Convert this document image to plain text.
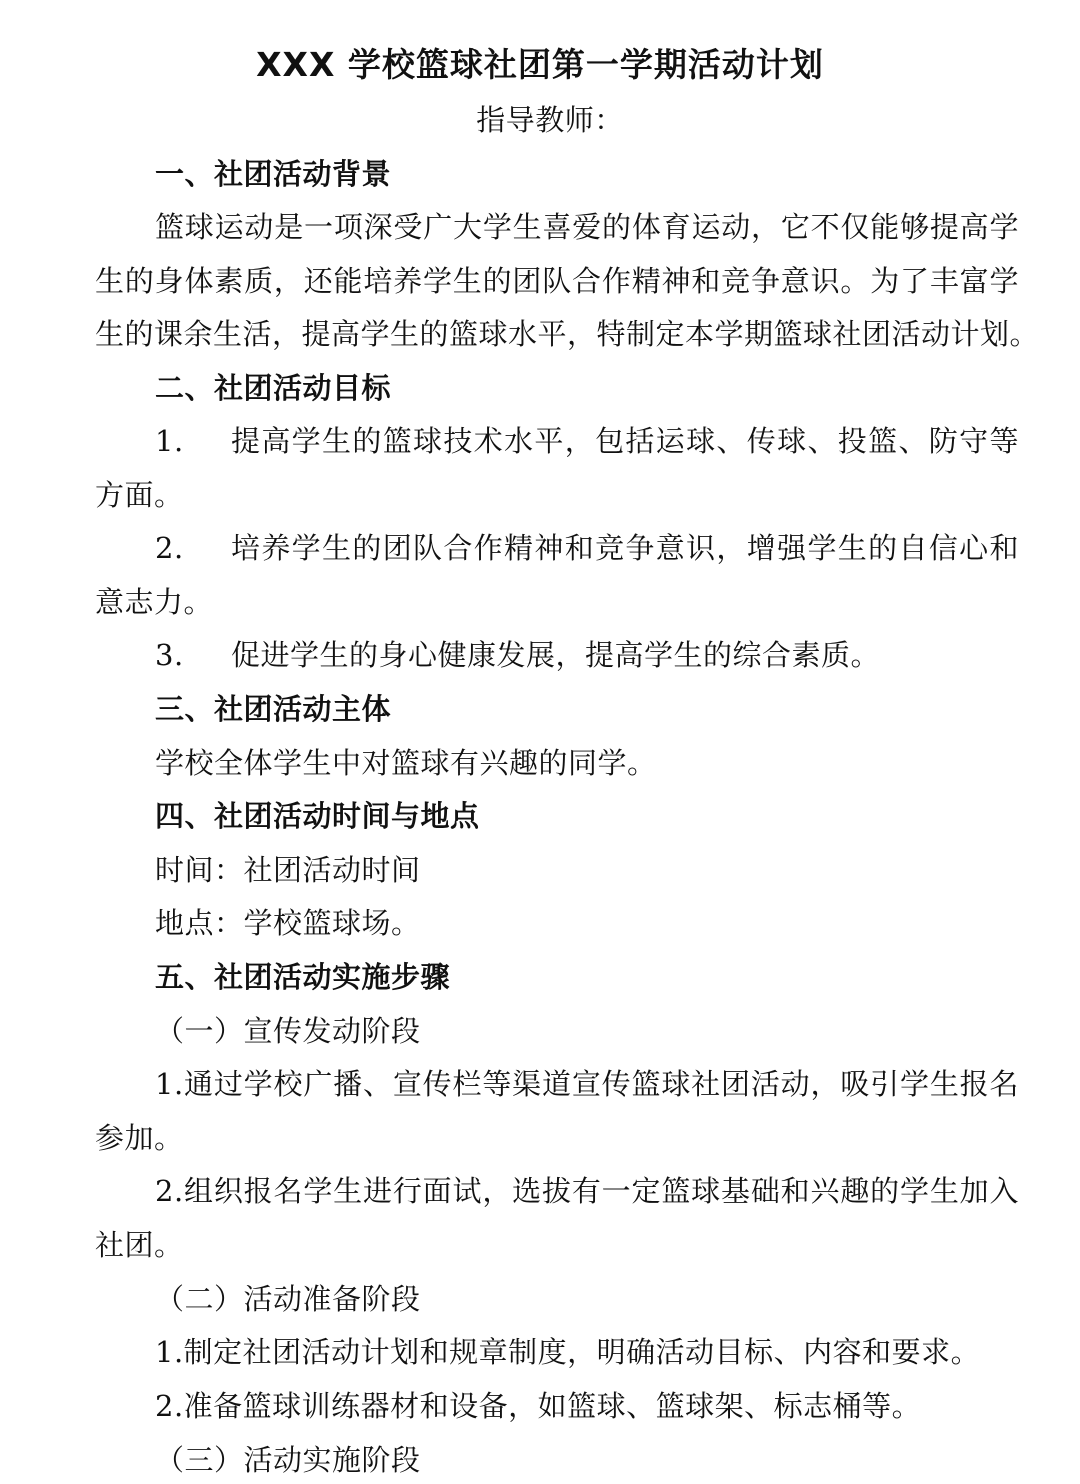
XXX 学校篮球社团第一学期活动计划
指导教师：
一、社团活动背景
篮球运动是一项深受广大学生喜爱的体育运动，它不仅能够提高学
生的身体素质，还能培养学生的团队合作精神和竞争意识。为了丰富学
生的课余生活，提高学生的篮球水平，特制定本学期篮球社团活动计划。
二、社团活动目标
1. 提高学生的篮球技术水平，包括运球、传球、投篮、防守等
方面。
2. 培养学生的团队合作精神和竞争意识，增强学生的自信心和
意志力。
3. 促进学生的身心健康发展，提高学生的综合素质。
三、社团活动主体
学校全体学生中对篮球有兴趣的同学。
四、社团活动时间与地点
时间：社团活动时间
地点：学校篮球场。
五、社团活动实施步骤
（一）宣传发动阶段
1.通过学校广播、宣传栏等渠道宣传篮球社团活动，吸引学生报名
参加。
2.组织报名学生进行面试，选拔有一定篮球基础和兴趣的学生加入
社团。
（二）活动准备阶段
1.制定社团活动计划和规章制度，明确活动目标、内容和要求。
2.准备篮球训练器材和设备，如篮球、篮球架、标志桶等。
（三）活动实施阶段
